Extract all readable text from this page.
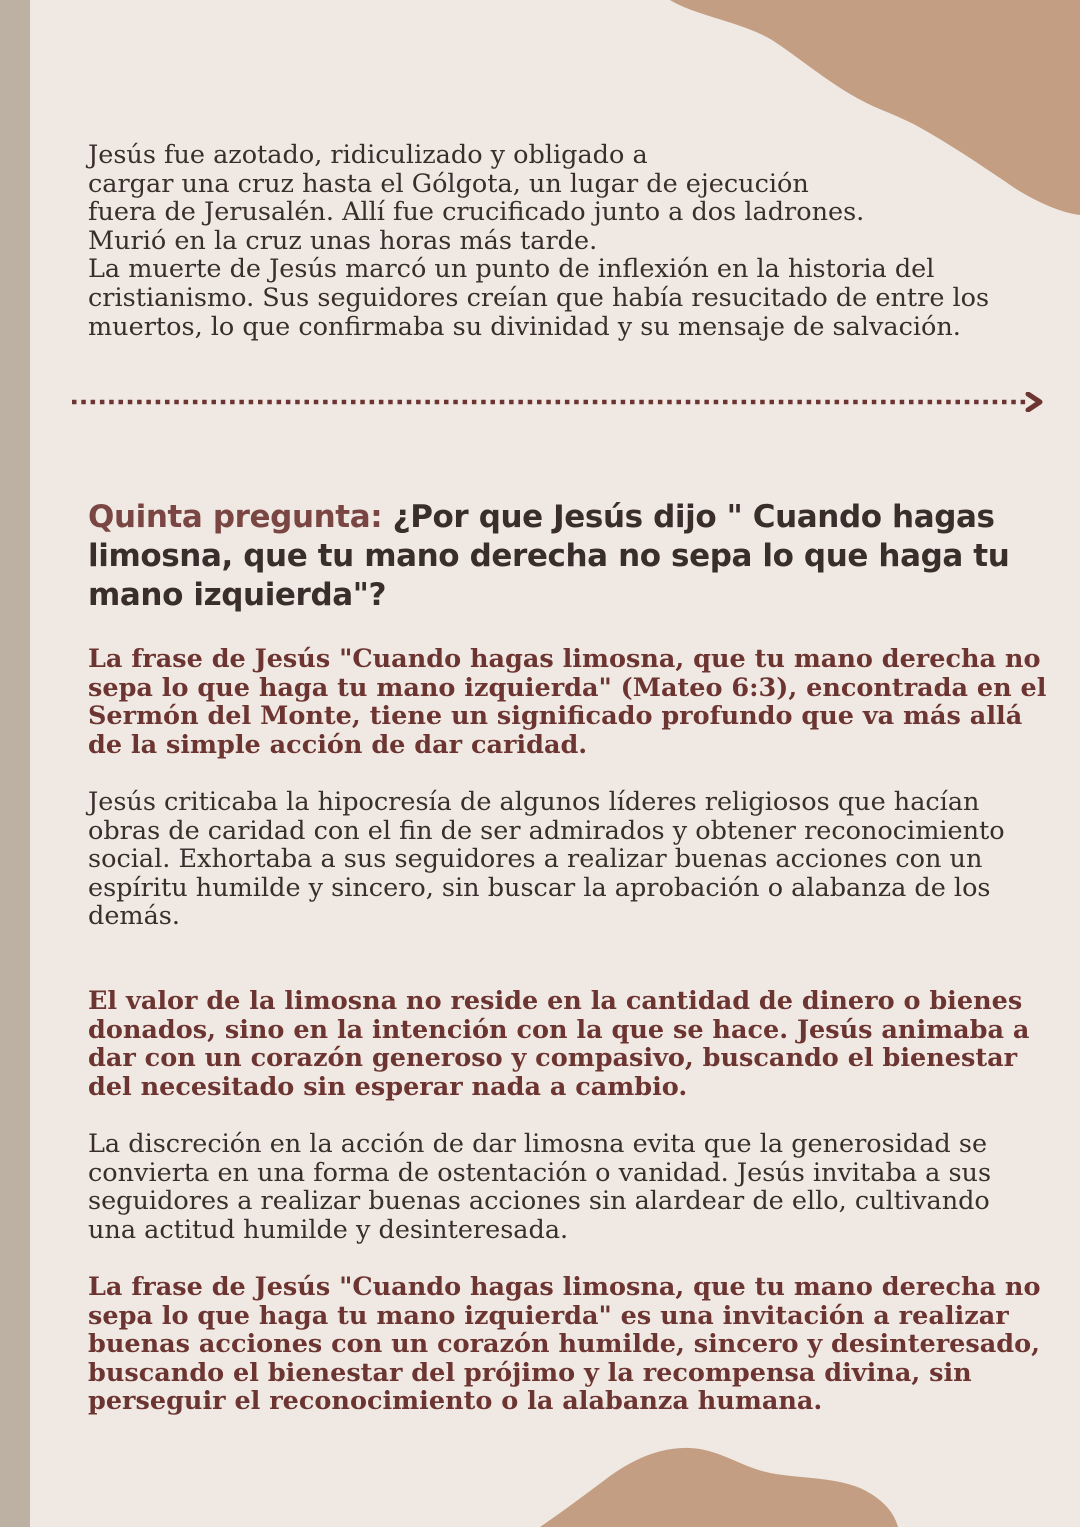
Jesús fue azotado, ridiculizado y obligado a
cargar una cruz hasta el Gólgota, un lugar de ejecución
fuera de Jerusalén. Allí fue crucificado junto a dos ladrones.
Murió en la cruz unas horas más tarde.
La muerte de Jesús marcó un punto de inflexión en la historia del
cristianismo. Sus seguidores creían que había resucitado de entre los
muertos, lo que confirmaba su divinidad y su mensaje de salvación.

Quinta pregunta: ¿Por que Jesús dijo " Cuando hagas limosna, que tu mano derecha no sepa lo que haga tu mano izquierda"?

La frase de Jesús "Cuando hagas limosna, que tu mano derecha no
sepa lo que haga tu mano izquierda" (Mateo 6:3), encontrada en el
Sermón del Monte, tiene un significado profundo que va más allá
de la simple acción de dar caridad.

Jesús criticaba la hipocresía de algunos líderes religiosos que hacían
obras de caridad con el fin de ser admirados y obtener reconocimiento
social. Exhortaba a sus seguidores a realizar buenas acciones con un
espíritu humilde y sincero, sin buscar la aprobación o alabanza de los
demás.

El valor de la limosna no reside en la cantidad de dinero o bienes
donados, sino en la intención con la que se hace. Jesús animaba a
dar con un corazón generoso y compasivo, buscando el bienestar
del necesitado sin esperar nada a cambio.

La discreción en la acción de dar limosna evita que la generosidad se
convierta en una forma de ostentación o vanidad. Jesús invitaba a sus
seguidores a realizar buenas acciones sin alardear de ello, cultivando
una actitud humilde y desinteresada.

La frase de Jesús "Cuando hagas limosna, que tu mano derecha no
sepa lo que haga tu mano izquierda" es una invitación a realizar
buenas acciones con un corazón humilde, sincero y desinteresado,
buscando el bienestar del prójimo y la recompensa divina, sin
perseguir el reconocimiento o la alabanza humana.
